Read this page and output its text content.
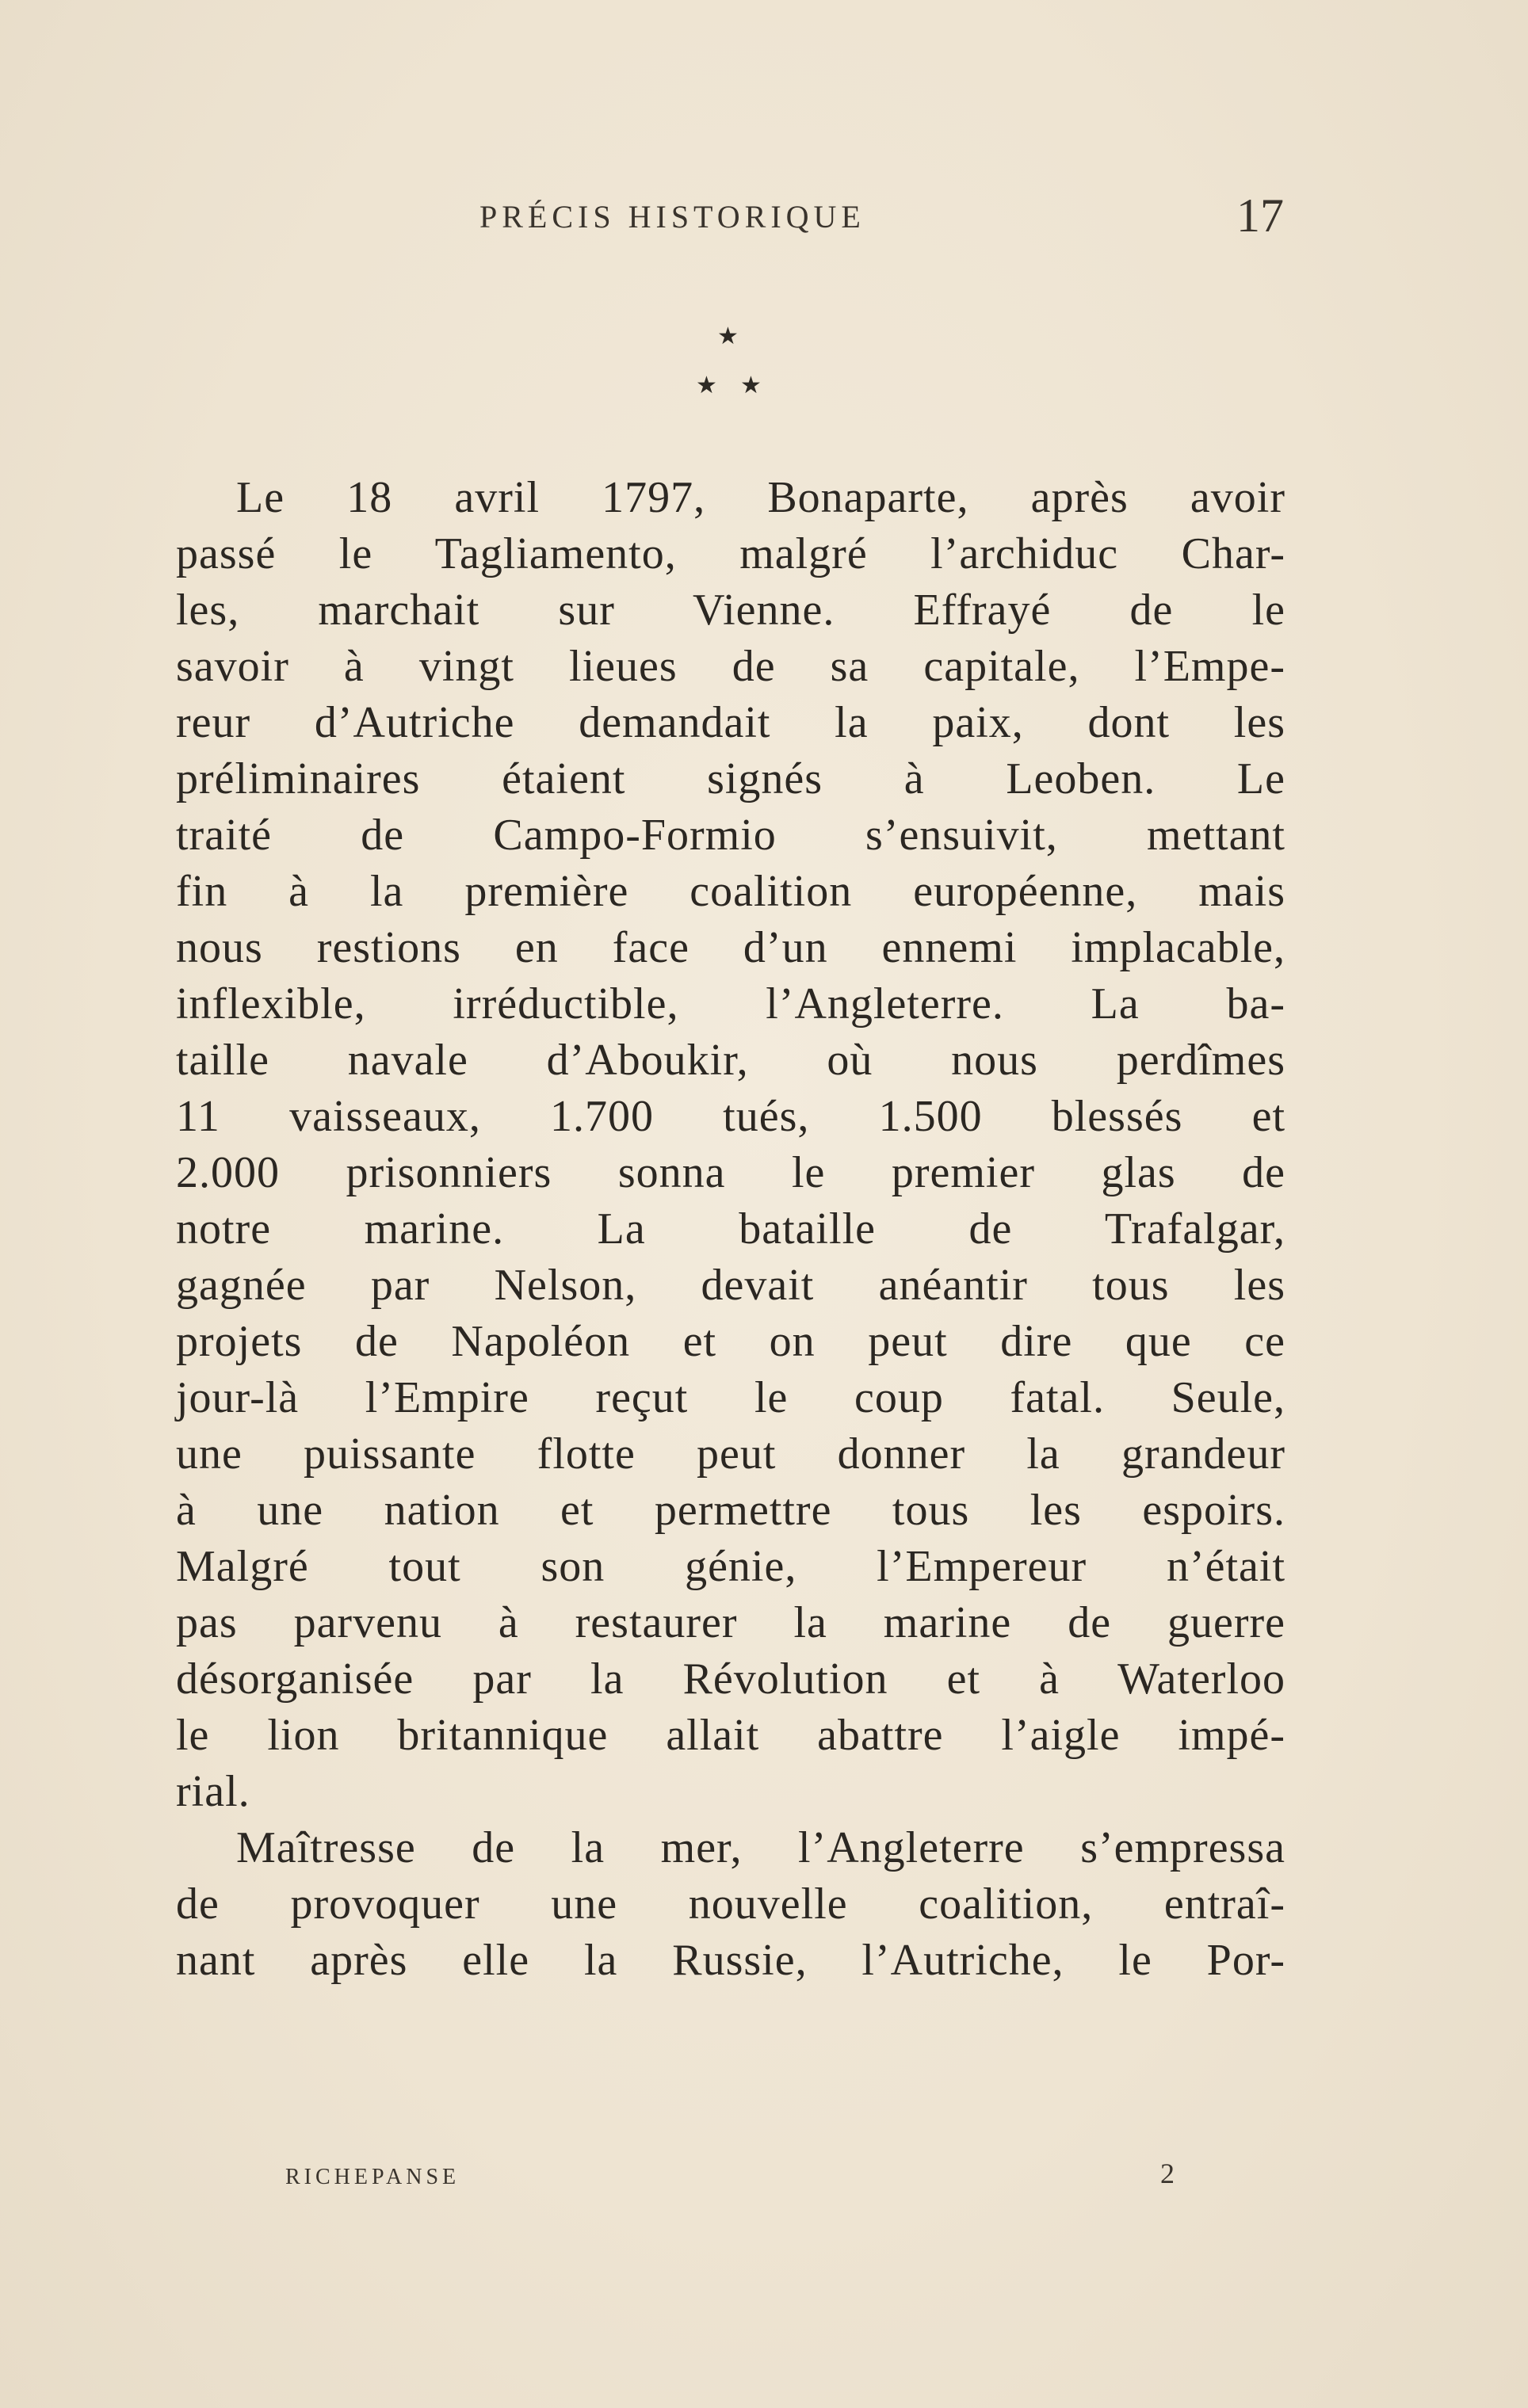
PRÉCIS HISTORIQUE	17
★
★ ★
Le 18 avril 1797, Bonaparte, après avoir
passé le Tagliamento, malgré l’archiduc Char-
les, marchait sur Vienne. Effrayé de le
savoir à vingt lieues de sa capitale, l’Empe-
reur d’Autriche demandait la paix, dont les
préliminaires étaient signés à Leoben. Le
traité de Campo-Formio s’ensuivit, mettant
fin à la première coalition européenne, mais
nous restions en face d’un ennemi implacable,
inflexible, irréductible, l’Angleterre. La ba-
taille navale d’Aboukir, où nous perdîmes
11 vaisseaux, 1.700 tués, 1.500 blessés et
2.000 prisonniers sonna le premier glas de
notre marine. La bataille de Trafalgar,
gagnée par Nelson, devait anéantir tous les
projets de Napoléon et on peut dire que ce
jour-là l’Empire reçut le coup fatal. Seule,
une puissante flotte peut donner la grandeur
à une nation et permettre tous les espoirs.
Malgré tout son génie, l’Empereur n’était
pas parvenu à restaurer la marine de guerre
désorganisée par la Révolution et à Waterloo
le lion britannique allait abattre l’aigle impé-
rial.
Maîtresse de la mer, l’Angleterre s’empressa
de provoquer une nouvelle coalition, entraî-
nant après elle la Russie, l’Autriche, le Por-
RICHEPANSE	2
